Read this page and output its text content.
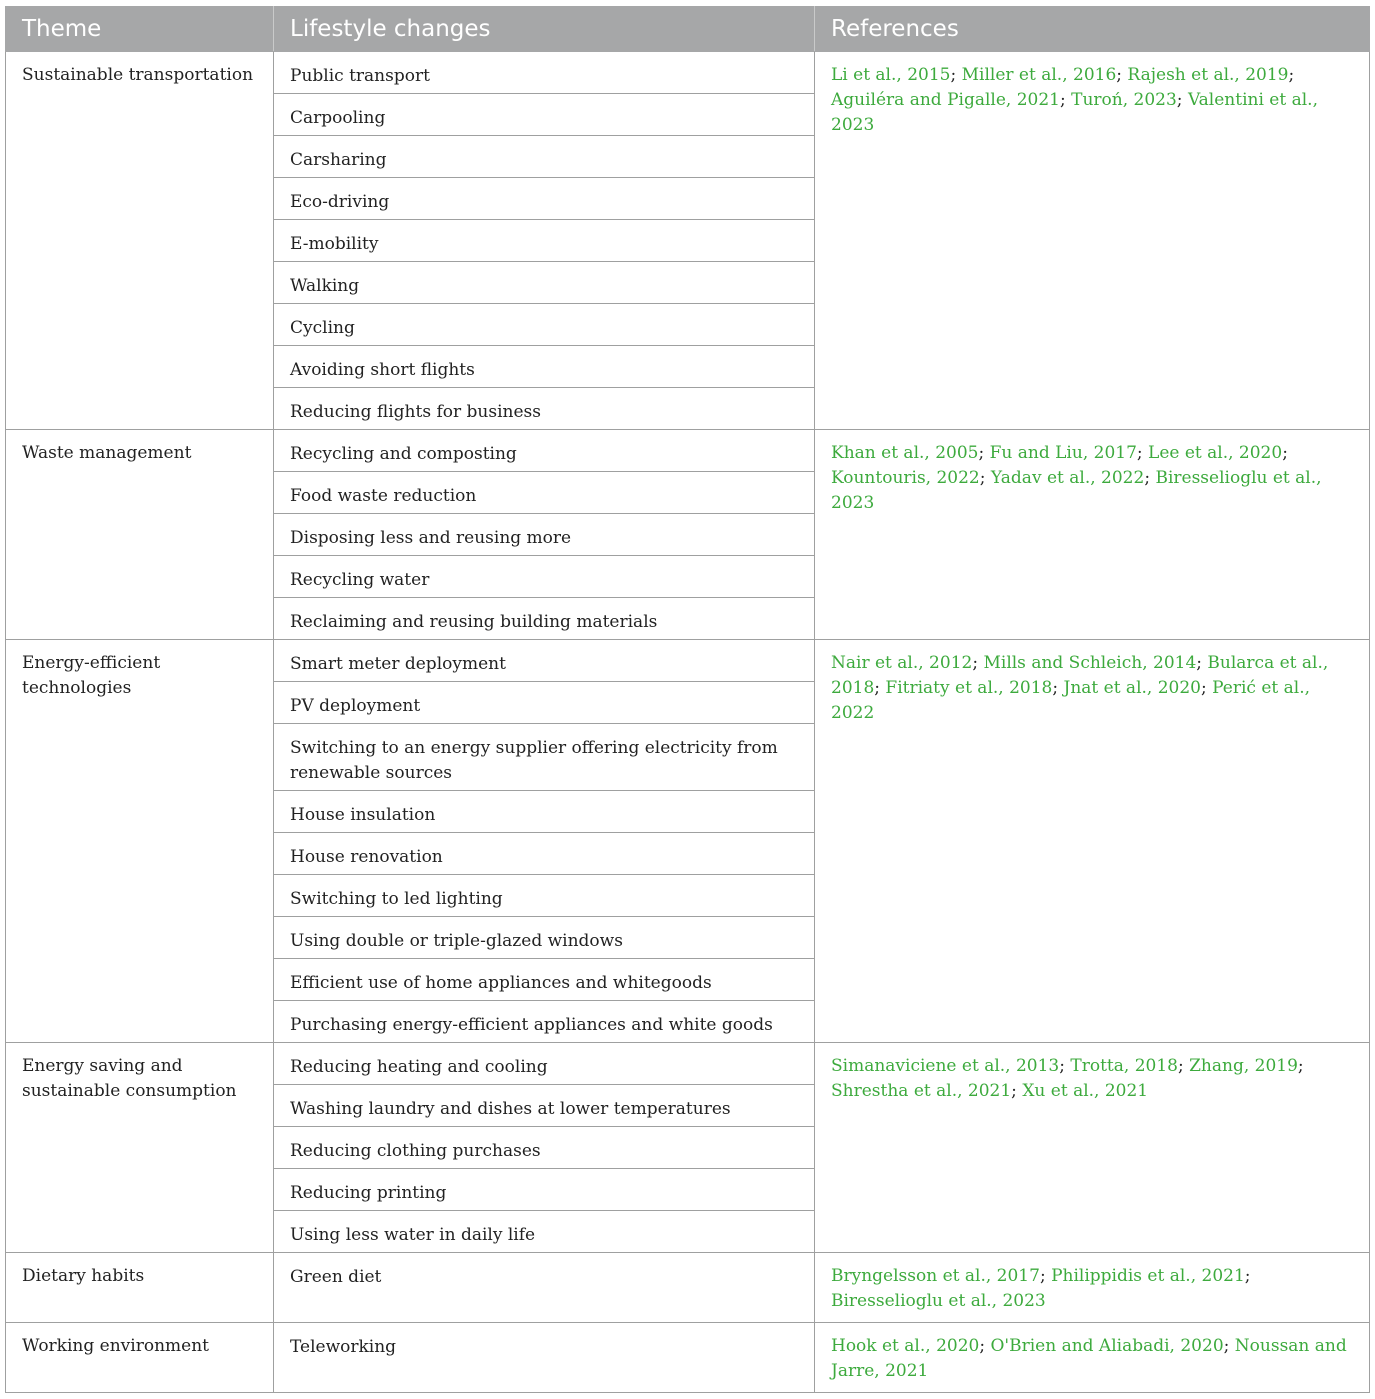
Theme	Lifestyle changes	References
Sustainable transportation	Public transport	Li et al., 2015; Miller et al., 2016; Rajesh et al., 2019; Aguiléra and Pigalle, 2021; Turoń, 2023; Valentini et al., 2023
	Carpooling	
	Carsharing	
	Eco-driving	
	E-mobility	
	Walking	
	Cycling	
	Avoiding short flights	
	Reducing flights for business	
Waste management	Recycling and composting	Khan et al., 2005; Fu and Liu, 2017; Lee et al., 2020; Kountouris, 2022; Yadav et al., 2022; Biresselioglu et al., 2023
	Food waste reduction	
	Disposing less and reusing more	
	Recycling water	
	Reclaiming and reusing building materials	
Energy-efficient technologies	Smart meter deployment	Nair et al., 2012; Mills and Schleich, 2014; Bularca et al., 2018; Fitriaty et al., 2018; Jnat et al., 2020; Perić et al., 2022
	PV deployment	
	Switching to an energy supplier offering electricity from renewable sources	
	House insulation	
	House renovation	
	Switching to led lighting	
	Using double or triple-glazed windows	
	Efficient use of home appliances and whitegoods	
	Purchasing energy-efficient appliances and white goods	
Energy saving and sustainable consumption	Reducing heating and cooling	Simanaviciene et al., 2013; Trotta, 2018; Zhang, 2019; Shrestha et al., 2021; Xu et al., 2021
	Washing laundry and dishes at lower temperatures	
	Reducing clothing purchases	
	Reducing printing	
	Using less water in daily life	
Dietary habits	Green diet	Bryngelsson et al., 2017; Philippidis et al., 2021; Biresselioglu et al., 2023
Working environment	Teleworking	Hook et al., 2020; O'Brien and Aliabadi, 2020; Noussan and Jarre, 2021
